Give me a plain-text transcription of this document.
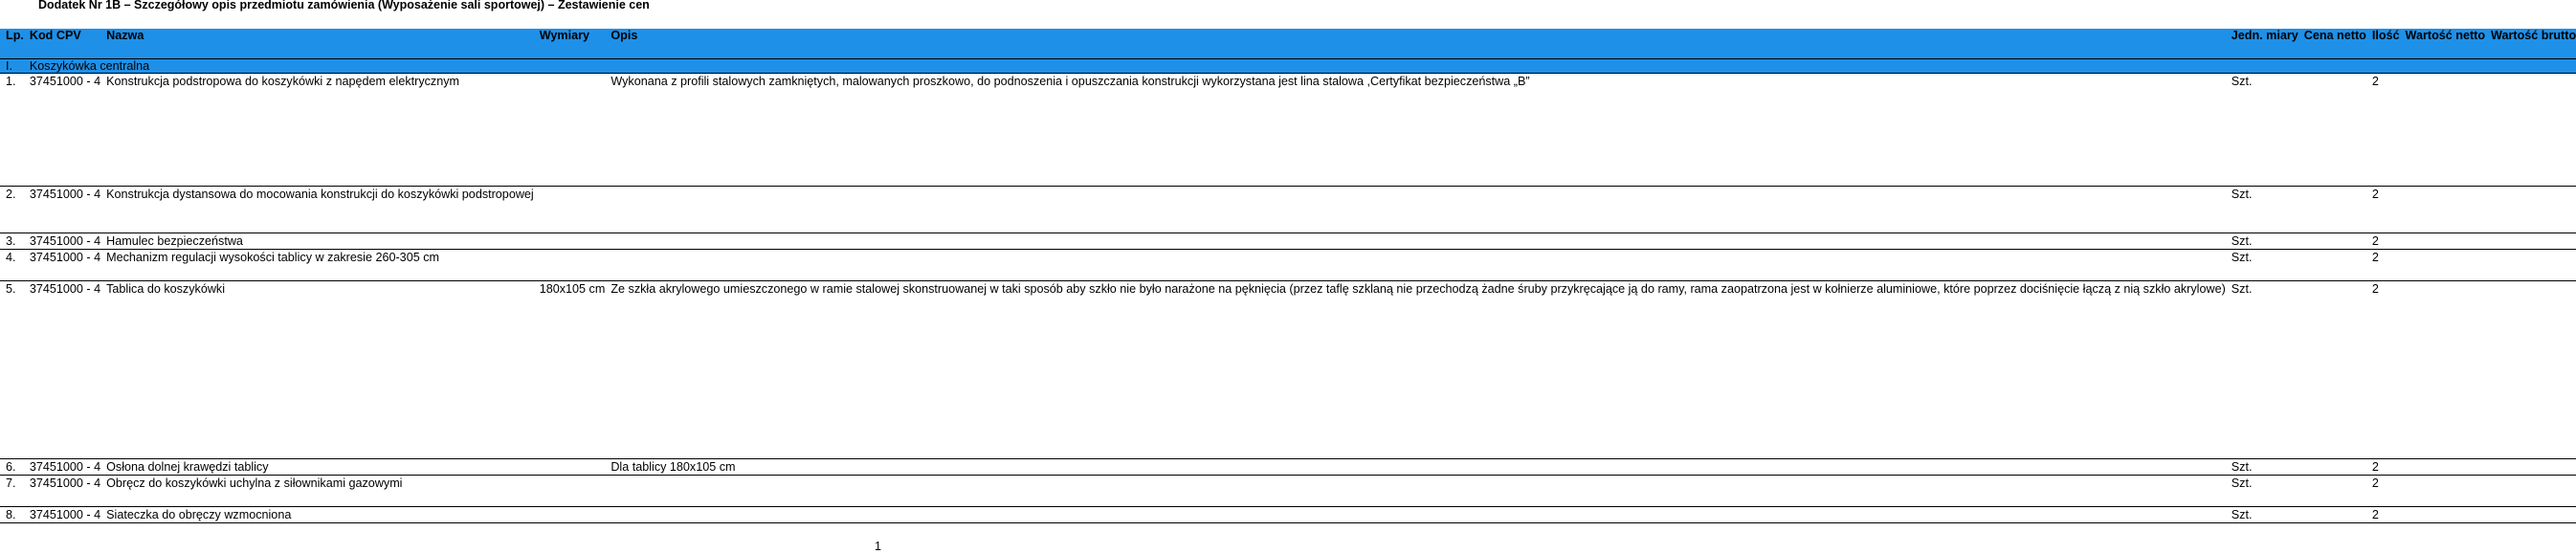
Dodatek Nr 1B – Szczegółowy opis przedmiotu zamówienia (Wyposażenie sali sportowej) – Zestawienie cen
Lp.	Kod CPV	Nazwa	Wymiary	Opis	Jedn. miary	Cena netto	Ilość	Wartość netto	Wartość brutto
I.	Koszykówka centralna								
1.	37451000 - 4	Konstrukcja podstropowa do koszykówki z napędem elektrycznym		Wykonana z profili stalowych zamkniętych, malowanych proszkowo, do podnoszenia i opuszczania konstrukcji wykorzystana jest lina stalowa ,Certyfikat bezpieczeństwa „B”	Szt.		2		
2.	37451000 - 4	Konstrukcja dystansowa do mocowania konstrukcji do koszykówki podstropowej			Szt.		2		
3.	37451000 - 4	Hamulec bezpieczeństwa			Szt.		2		
4.	37451000 - 4	Mechanizm regulacji wysokości tablicy w zakresie 260-305 cm			Szt.		2		
5.	37451000 - 4	Tablica do koszykówki	180x105 cm	Ze szkła akrylowego umieszczonego w ramie stalowej skonstruowanej w taki sposób aby szkło nie było narażone na pęknięcia (przez taflę szklaną nie przechodzą żadne śruby przykręcające ją do ramy, rama zaopatrzona jest w kołnierze aluminiowe, które poprzez dociśnięcie łączą z nią szkło akrylowe)	Szt.		2		
6.	37451000 - 4	Osłona dolnej krawędzi tablicy		Dla tablicy 180x105 cm	Szt.		2		
7.	37451000 - 4	Obręcz do koszykówki uchylna z siłownikami gazowymi			Szt.		2		
8.	37451000 - 4	Siateczka do obręczy wzmocniona			Szt.		2		
1
